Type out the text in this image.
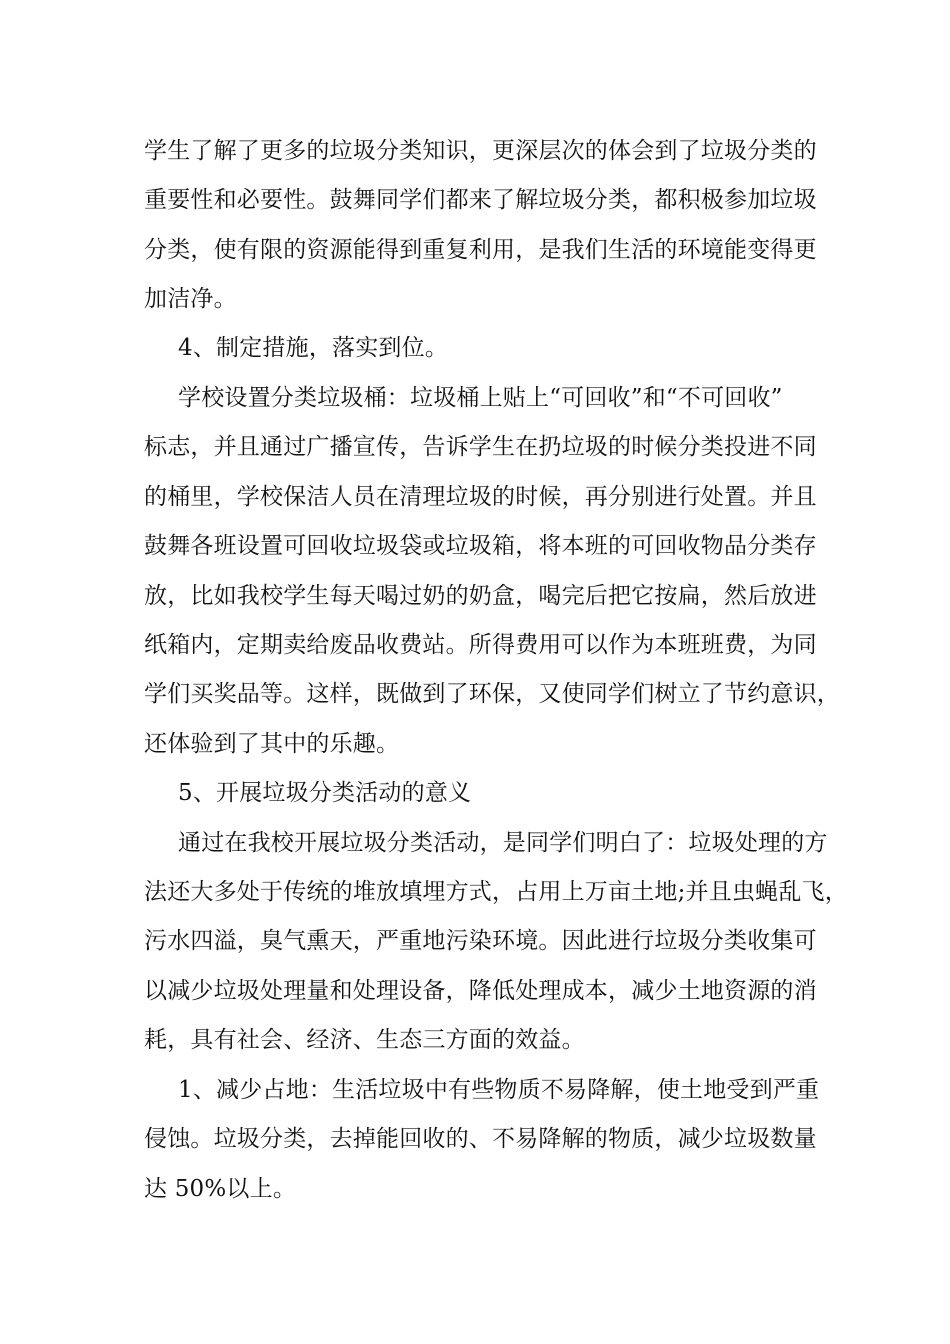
学生了解了更多的垃圾分类知识，更深层次的体会到了垃圾分类的
重要性和必要性。鼓舞同学们都来了解垃圾分类，都积极参加垃圾
分类，使有限的资源能得到重复利用，是我们生活的环境能变得更
加洁净。
4、制定措施，落实到位。
学校设置分类垃圾桶：垃圾桶上贴上“可回收”和“不可回收”
标志，并且通过广播宣传，告诉学生在扔垃圾的时候分类投进不同
的桶里，学校保洁人员在清理垃圾的时候，再分别进行处置。并且
鼓舞各班设置可回收垃圾袋或垃圾箱，将本班的可回收物品分类存
放，比如我校学生每天喝过奶的奶盒，喝完后把它按扁，然后放进
纸箱内，定期卖给废品收费站。所得费用可以作为本班班费，为同
学们买奖品等。这样，既做到了环保，又使同学们树立了节约意识，
还体验到了其中的乐趣。
5、开展垃圾分类活动的意义
通过在我校开展垃圾分类活动，是同学们明白了：垃圾处理的方
法还大多处于传统的堆放填埋方式，占用上万亩土地;并且虫蝇乱飞，
污水四溢，臭气熏天，严重地污染环境。因此进行垃圾分类收集可
以减少垃圾处理量和处理设备，降低处理成本，减少土地资源的消
耗，具有社会、经济、生态三方面的效益。
1、减少占地：生活垃圾中有些物质不易降解，使土地受到严重
侵蚀。垃圾分类，去掉能回收的、不易降解的物质，减少垃圾数量
达 50%以上。
